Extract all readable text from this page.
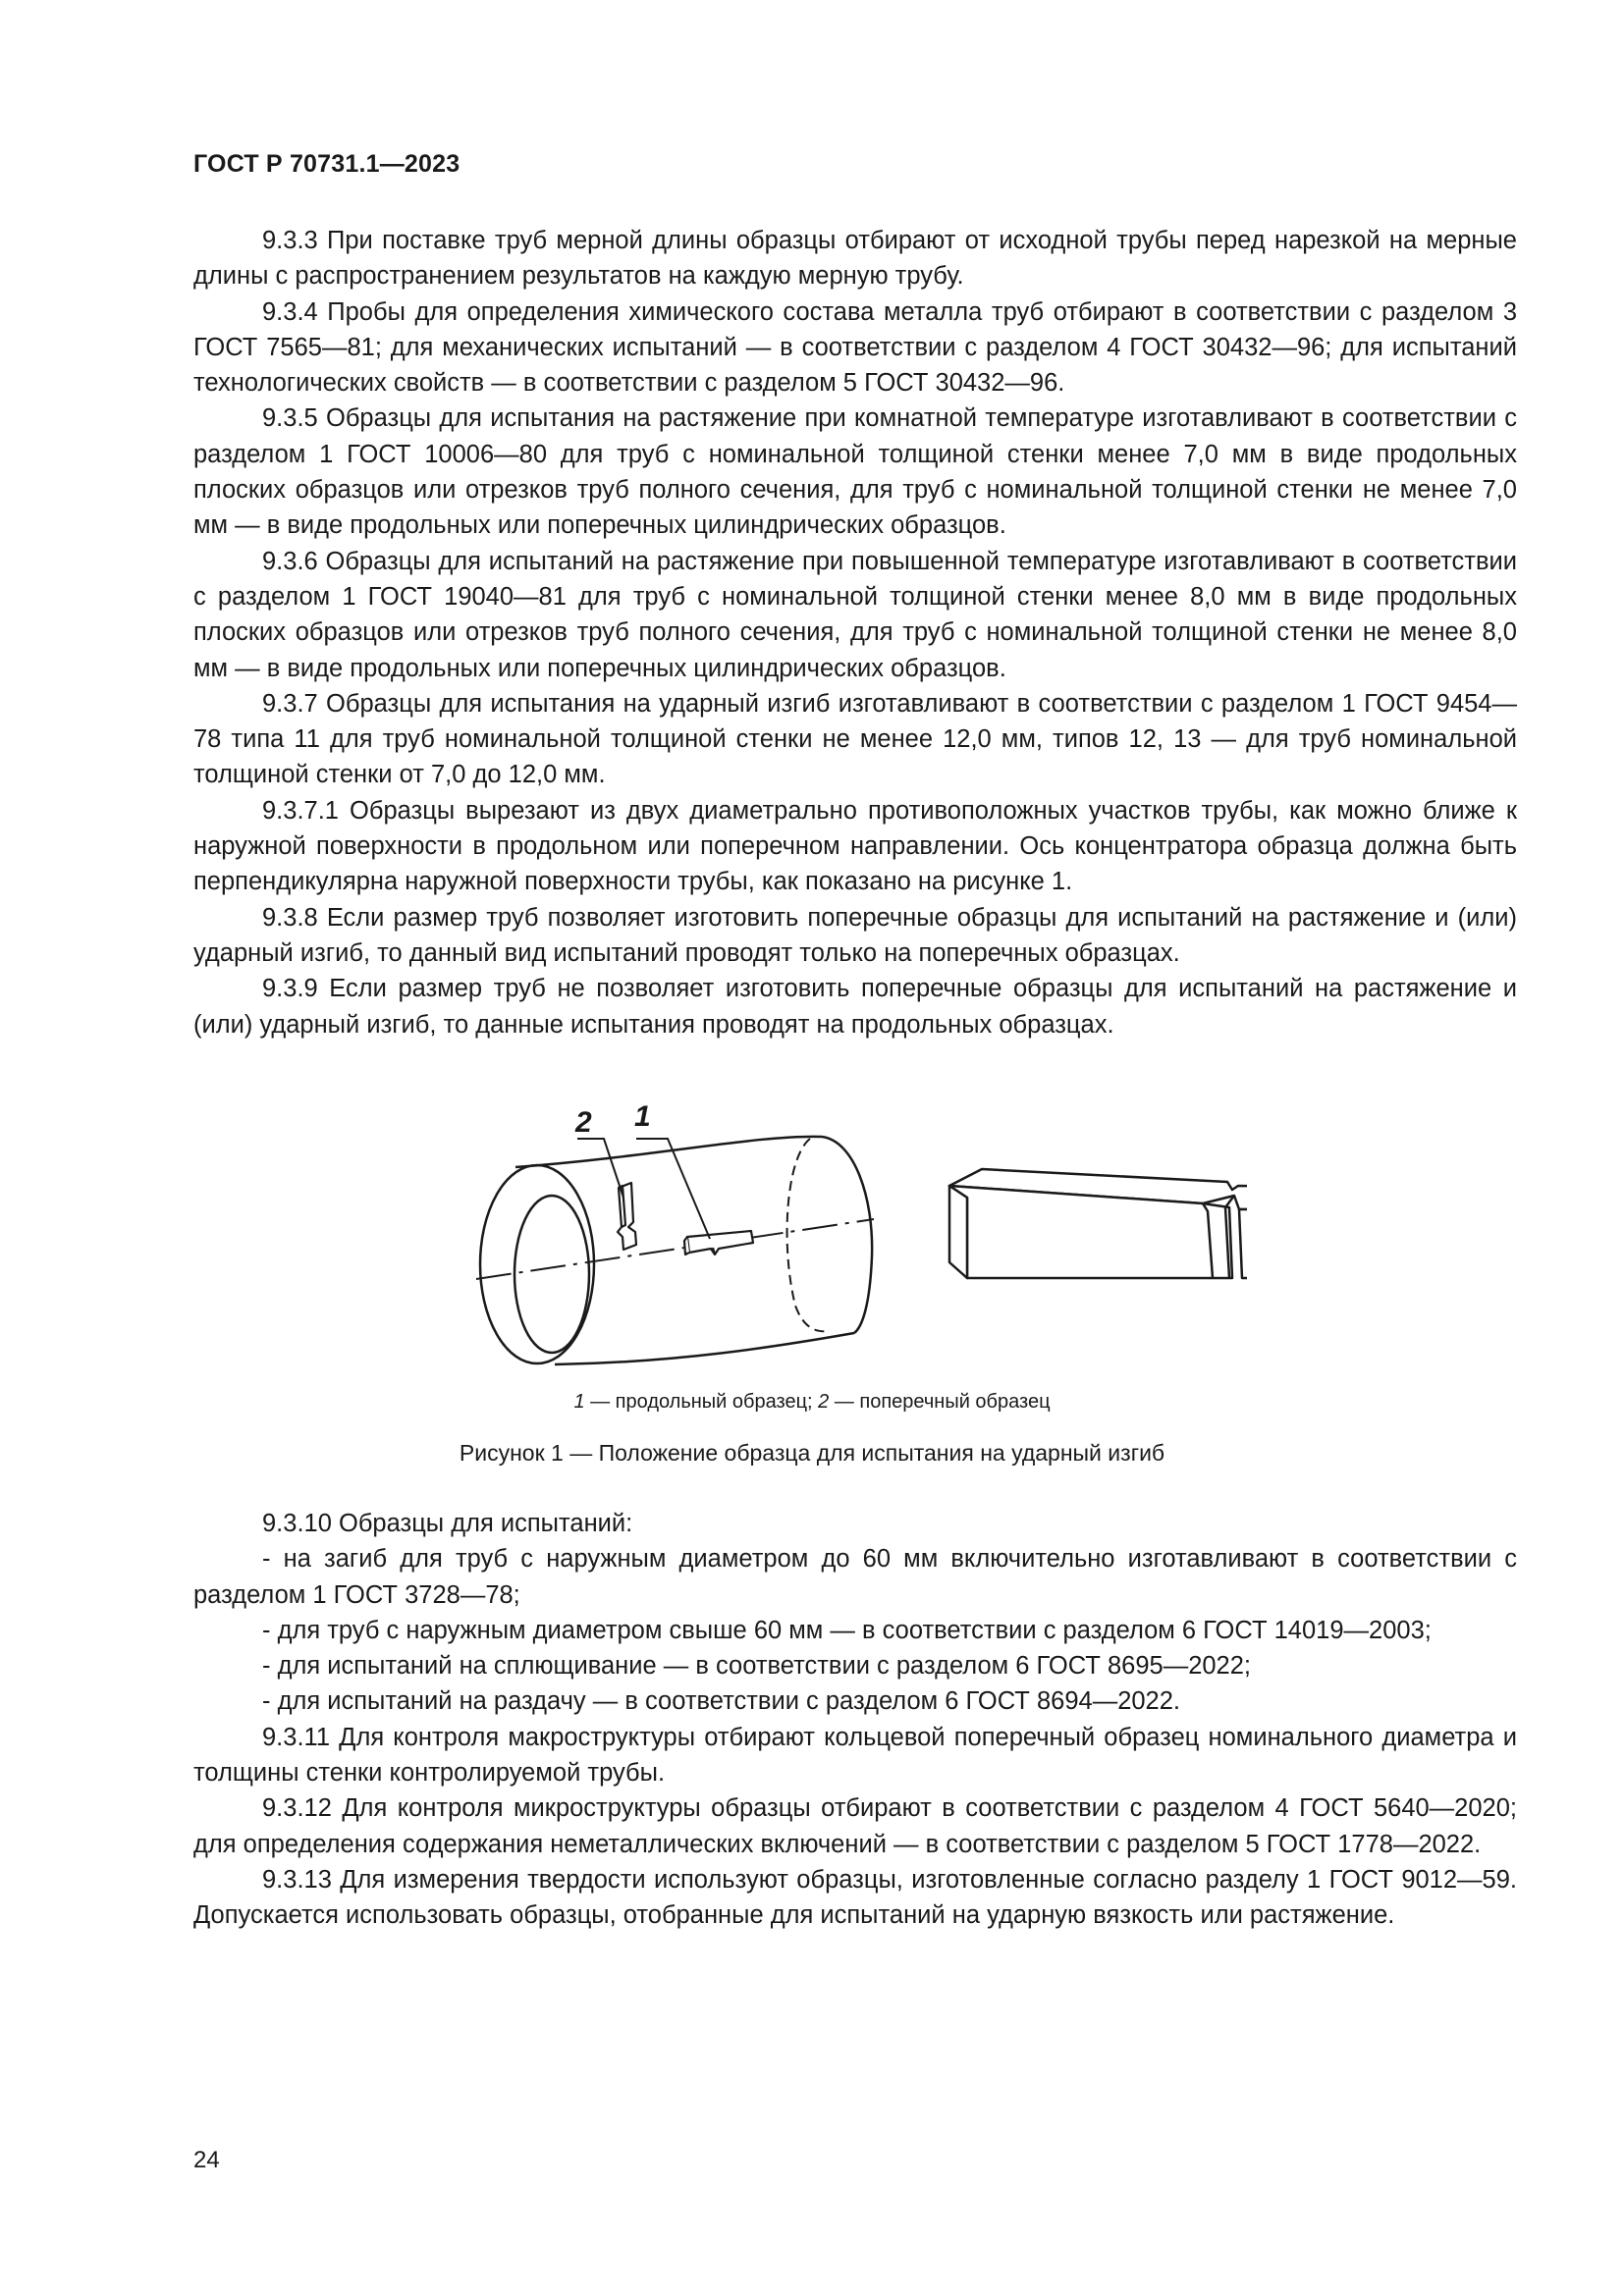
ГОСТ Р 70731.1—2023

9.3.3 При поставке труб мерной длины образцы отбирают от исходной трубы перед нарезкой на мерные длины с распространением результатов на каждую мерную трубу.

9.3.4 Пробы для определения химического состава металла труб отбирают в соответствии с разделом 3 ГОСТ 7565—81; для механических испытаний — в соответствии с разделом 4 ГОСТ 30432—96; для испытаний технологических свойств — в соответствии с разделом 5 ГОСТ 30432—96.

9.3.5 Образцы для испытания на растяжение при комнатной температуре изготавливают в соответствии с разделом 1 ГОСТ 10006—80 для труб с номинальной толщиной стенки менее 7,0 мм в виде продольных плоских образцов или отрезков труб полного сечения, для труб с номинальной толщиной стенки не менее 7,0 мм — в виде продольных или поперечных цилиндрических образцов.

9.3.6 Образцы для испытаний на растяжение при повышенной температуре изготавливают в соответствии с разделом 1 ГОСТ 19040—81 для труб с номинальной толщиной стенки менее 8,0 мм в виде продольных плоских образцов или отрезков труб полного сечения, для труб с номинальной толщиной стенки не менее 8,0 мм — в виде продольных или поперечных цилиндрических образцов.

9.3.7 Образцы для испытания на ударный изгиб изготавливают в соответствии с разделом 1 ГОСТ 9454—78 типа 11 для труб номинальной толщиной стенки не менее 12,0 мм, типов 12, 13 — для труб номинальной толщиной стенки от 7,0 до 12,0 мм.

9.3.7.1 Образцы вырезают из двух диаметрально противоположных участков трубы, как можно ближе к наружной поверхности в продольном или поперечном направлении. Ось концентратора образца должна быть перпендикулярна наружной поверхности трубы, как показано на рисунке 1.

9.3.8 Если размер труб позволяет изготовить поперечные образцы для испытаний на растяжение и (или) ударный изгиб, то данный вид испытаний проводят только на поперечных образцах.

9.3.9 Если размер труб не позволяет изготовить поперечные образцы для испытаний на растяжение и (или) ударный изгиб, то данные испытания проводят на продольных образцах.

2 1
1 — продольный образец; 2 — поперечный образец
Рисунок 1 — Положение образца для испытания на ударный изгиб

9.3.10 Образцы для испытаний:

- на загиб для труб с наружным диаметром до 60 мм включительно изготавливают в соответствии с разделом 1 ГОСТ 3728—78;

- для труб с наружным диаметром свыше 60 мм — в соответствии с разделом 6 ГОСТ 14019—2003;

- для испытаний на сплющивание — в соответствии с разделом 6 ГОСТ 8695—2022;

- для испытаний на раздачу — в соответствии с разделом 6 ГОСТ 8694—2022.

9.3.11 Для контроля макроструктуры отбирают кольцевой поперечный образец номинального диаметра и толщины стенки контролируемой трубы.

9.3.12 Для контроля микроструктуры образцы отбирают в соответствии с разделом 4 ГОСТ 5640—2020; для определения содержания неметаллических включений — в соответствии с разделом 5 ГОСТ 1778—2022.

9.3.13 Для измерения твердости используют образцы, изготовленные согласно разделу 1 ГОСТ 9012—59. Допускается использовать образцы, отобранные для испытаний на ударную вязкость или растяжение.

24
